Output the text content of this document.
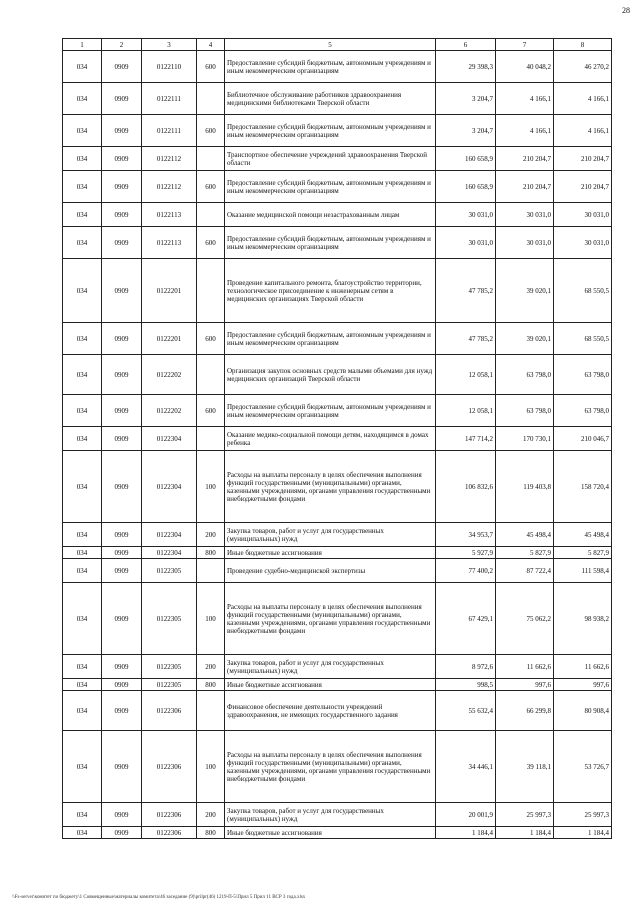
28
1	2	3	4	5	6	7	8
034	0909	0122110	600	Предоставление субсидий бюджетным, автономным учреждениям и иным некоммерческим организациям	29 398,3	40 048,2	46 270,2
034	0909	0122111		Библиотечное обслуживание работников здравоохранения медицинскими библиотеками Тверской области	3 204,7	4 166,1	4 166,1
034	0909	0122111	600	Предоставление субсидий бюджетным, автономным учреждениям и иным некоммерческим организациям	3 204,7	4 166,1	4 166,1
034	0909	0122112		Транспортное обеспечение учреждений здравоохранения Тверской области	160 658,9	210 204,7	210 204,7
034	0909	0122112	600	Предоставление субсидий бюджетным, автономным учреждениям и иным некоммерческим организациям	160 658,9	210 204,7	210 204,7
034	0909	0122113		Оказание медицинской помощи незастрахованным лицам	30 031,0	30 031,0	30 031,0
034	0909	0122113	600	Предоставление субсидий бюджетным, автономным учреждениям и иным некоммерческим организациям	30 031,0	30 031,0	30 031,0
034	0909	0122201		Проведение капитального ремонта, благоустройство территории, технологическое присоединение к инженерным сетям в медицинских организациях Тверской области	47 785,2	39 020,1	68 550,5
034	0909	0122201	600	Предоставление субсидий бюджетным, автономным учреждениям и иным некоммерческим организациям	47 785,2	39 020,1	68 550,5
034	0909	0122202		Организация закупок основных средств малыми объемами для нужд медицинских организаций Тверской области	12 058,1	63 798,0	63 798,0
034	0909	0122202	600	Предоставление субсидий бюджетным, автономным учреждениям и иным некоммерческим организациям	12 058,1	63 798,0	63 798,0
034	0909	0122304		Оказание медико-социальной помощи детям, находящимся в домах ребенка	147 714,2	170 730,1	210 046,7
034	0909	0122304	100	Расходы на выплаты персоналу в целях обеспечения выполнения функций государственными (муниципальными) органами, казенными учреждениями, органами управления государственными внебюджетными фондами	106 832,6	119 403,8	158 720,4
034	0909	0122304	200	Закупка товаров, работ и услуг для государственных (муниципальных) нужд	34 953,7	45 498,4	45 498,4
034	0909	0122304	800	Иные бюджетные ассигнования	5 927,9	5 827,9	5 827,9
034	0909	0122305		Проведение судебно-медицинской экспертизы	77 400,2	87 722,4	111 598,4
034	0909	0122305	100	Расходы на выплаты персоналу в целях обеспечения выполнения функций государственными (муниципальными) органами, казенными учреждениями, органами управления государственными внебюджетными фондами	67 429,1	75 062,2	98 938,2
034	0909	0122305	200	Закупка товаров, работ и услуг для государственных (муниципальных) нужд	8 972,6	11 662,6	11 662,6
034	0909	0122305	800	Иные бюджетные ассигнования	998,5	997,6	997,6
034	0909	0122306		Финансовое обеспечение деятельности учреждений здравоохранения, не имеющих государственного задания	55 632,4	66 299,8	80 908,4
034	0909	0122306	100	Расходы на выплаты персоналу в целях обеспечения выполнения функций государственными (муниципальными) органами, казенными учреждениями, органами управления государственными внебюджетными фондами	34 446,1	39 118,1	53 726,7
034	0909	0122306	200	Закупка товаров, работ и услуг для государственных (муниципальных) нужд	20 001,9	25 997,3	25 997,3
034	0909	0122306	800	Иные бюджетные ассигнования	1 184,4	1 184,4	1 184,4
\\Fs-server\комитет по бюджету\1 Совмещенные\материалы комитета\46 заседание (9)\prilpr(46) 1219-П-5\Прил 5 Прил 11 ВСР 3 года.xlsx
